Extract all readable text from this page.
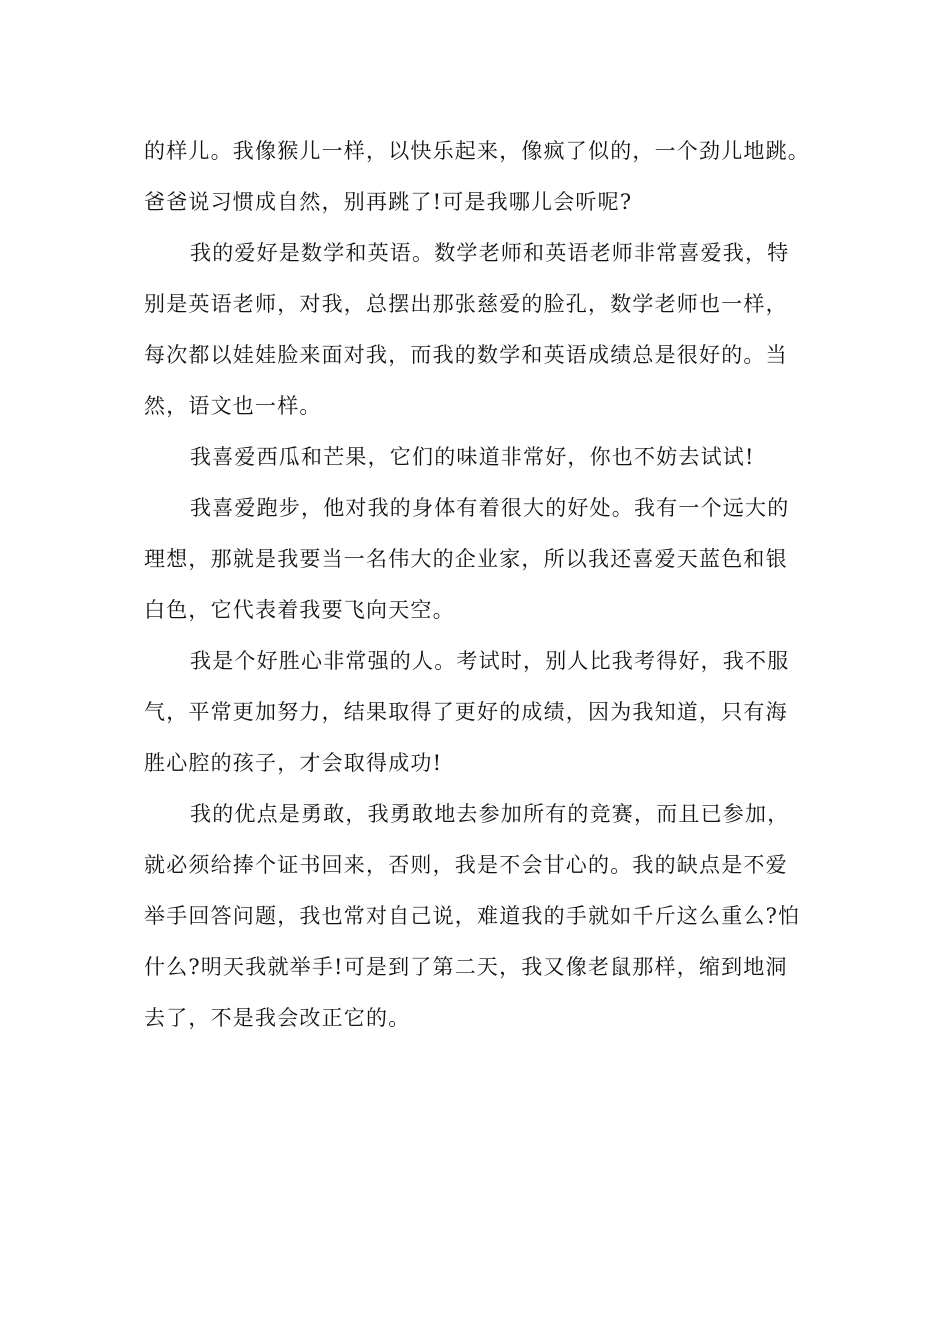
的样儿。我像猴儿一样，以快乐起来，像疯了似的，一个劲儿地跳。
爸爸说习惯成自然，别再跳了!可是我哪儿会听呢?

我的爱好是数学和英语。数学老师和英语老师非常喜爱我，特
别是英语老师，对我，总摆出那张慈爱的脸孔，数学老师也一样，
每次都以娃娃脸来面对我，而我的数学和英语成绩总是很好的。当
然，语文也一样。

我喜爱西瓜和芒果，它们的味道非常好，你也不妨去试试!

我喜爱跑步，他对我的身体有着很大的好处。我有一个远大的
理想，那就是我要当一名伟大的企业家，所以我还喜爱天蓝色和银
白色，它代表着我要飞向天空。

我是个好胜心非常强的人。考试时，别人比我考得好，我不服
气，平常更加努力，结果取得了更好的成绩，因为我知道，只有海
胜心腔的孩子，才会取得成功!

我的优点是勇敢，我勇敢地去参加所有的竞赛，而且已参加，
就必须给捧个证书回来，否则，我是不会甘心的。我的缺点是不爱
举手回答问题，我也常对自己说，难道我的手就如千斤这么重么?怕
什么?明天我就举手!可是到了第二天，我又像老鼠那样，缩到地洞
去了，不是我会改正它的。
